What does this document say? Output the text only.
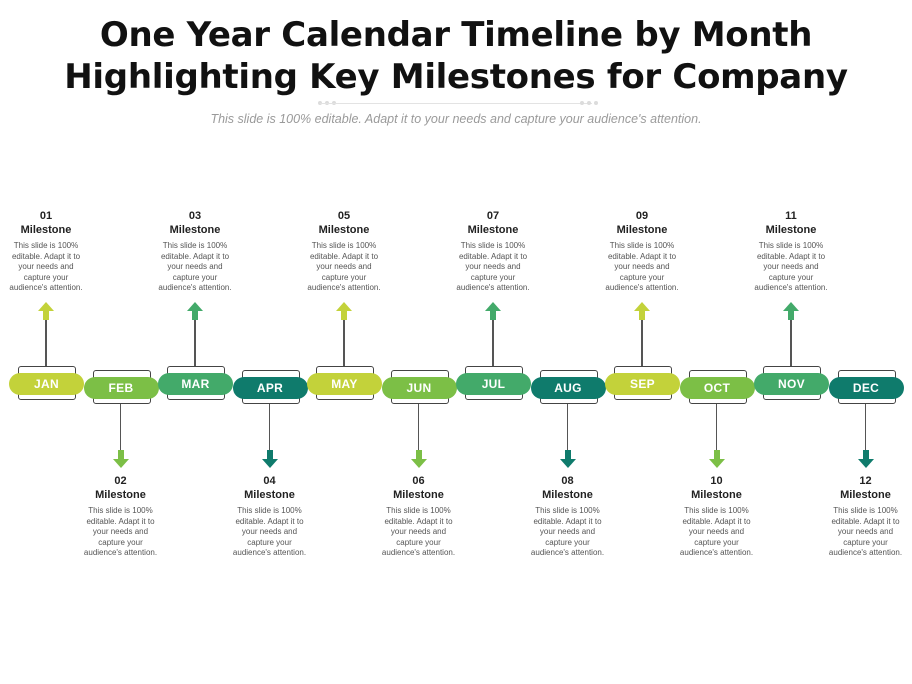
One Year Calendar Timeline by Month
Highlighting Key Milestones for Company
This slide is 100% editable. Adapt it to your needs and capture your audience's attention.
JAN
01
Milestone
This slide is 100%
editable. Adapt it to
your needs and
capture your
audience's attention.
FEB
02
Milestone
This slide is 100%
editable. Adapt it to
your needs and
capture your
audience's attention.
MAR
03
Milestone
This slide is 100%
editable. Adapt it to
your needs and
capture your
audience's attention.
APR
04
Milestone
This slide is 100%
editable. Adapt it to
your needs and
capture your
audience's attention.
MAY
05
Milestone
This slide is 100%
editable. Adapt it to
your needs and
capture your
audience's attention.
JUN
06
Milestone
This slide is 100%
editable. Adapt it to
your needs and
capture your
audience's attention.
JUL
07
Milestone
This slide is 100%
editable. Adapt it to
your needs and
capture your
audience's attention.
AUG
08
Milestone
This slide is 100%
editable. Adapt it to
your needs and
capture your
audience's attention.
SEP
09
Milestone
This slide is 100%
editable. Adapt it to
your needs and
capture your
audience's attention.
OCT
10
Milestone
This slide is 100%
editable. Adapt it to
your needs and
capture your
audience's attention.
NOV
11
Milestone
This slide is 100%
editable. Adapt it to
your needs and
capture your
audience's attention.
DEC
12
Milestone
This slide is 100%
editable. Adapt it to
your needs and
capture your
audience's attention.
